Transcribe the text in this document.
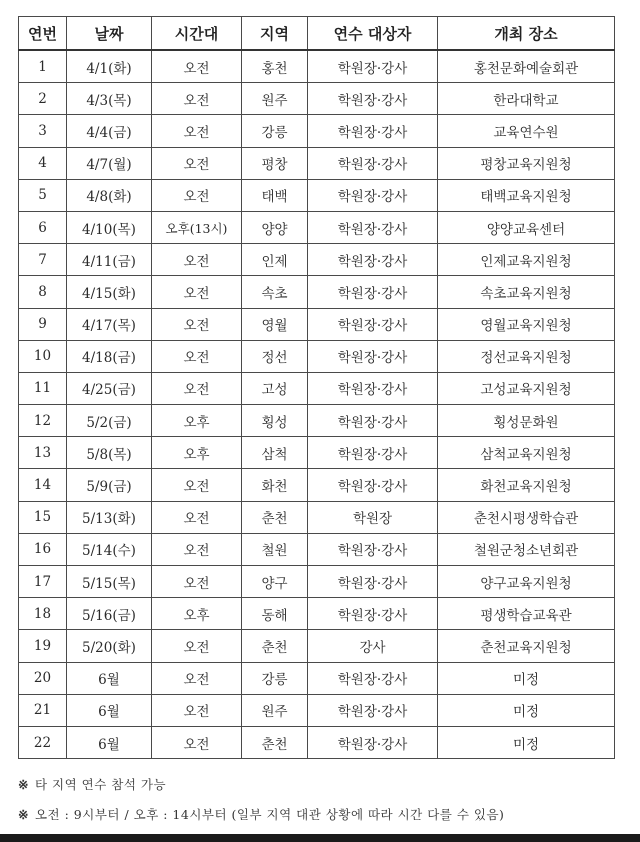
연번	날짜	시간대	지역	연수 대상자	개최 장소
1	4/1(화)	오전	홍천	학원장·강사	홍천문화예술회관
2	4/3(목)	오전	원주	학원장·강사	한라대학교
3	4/4(금)	오전	강릉	학원장·강사	교육연수원
4	4/7(월)	오전	평창	학원장·강사	평창교육지원청
5	4/8(화)	오전	태백	학원장·강사	태백교육지원청
6	4/10(목)	오후(13시)	양양	학원장·강사	양양교육센터
7	4/11(금)	오전	인제	학원장·강사	인제교육지원청
8	4/15(화)	오전	속초	학원장·강사	속초교육지원청
9	4/17(목)	오전	영월	학원장·강사	영월교육지원청
10	4/18(금)	오전	정선	학원장·강사	정선교육지원청
11	4/25(금)	오전	고성	학원장·강사	고성교육지원청
12	5/2(금)	오후	횡성	학원장·강사	횡성문화원
13	5/8(목)	오후	삼척	학원장·강사	삼척교육지원청
14	5/9(금)	오전	화천	학원장·강사	화천교육지원청
15	5/13(화)	오전	춘천	학원장	춘천시평생학습관
16	5/14(수)	오전	철원	학원장·강사	철원군청소년회관
17	5/15(목)	오전	양구	학원장·강사	양구교육지원청
18	5/16(금)	오후	동해	학원장·강사	평생학습교육관
19	5/20(화)	오전	춘천	강사	춘천교육지원청
20	6월	오전	강릉	학원장·강사	미정
21	6월	오전	원주	학원장·강사	미정
22	6월	오전	춘천	학원장·강사	미정
※ 타 지역 연수 참석 가능
※ 오전 : 9시부터 / 오후 : 14시부터 (일부 지역 대관 상황에 따라 시간 다를 수 있음)
